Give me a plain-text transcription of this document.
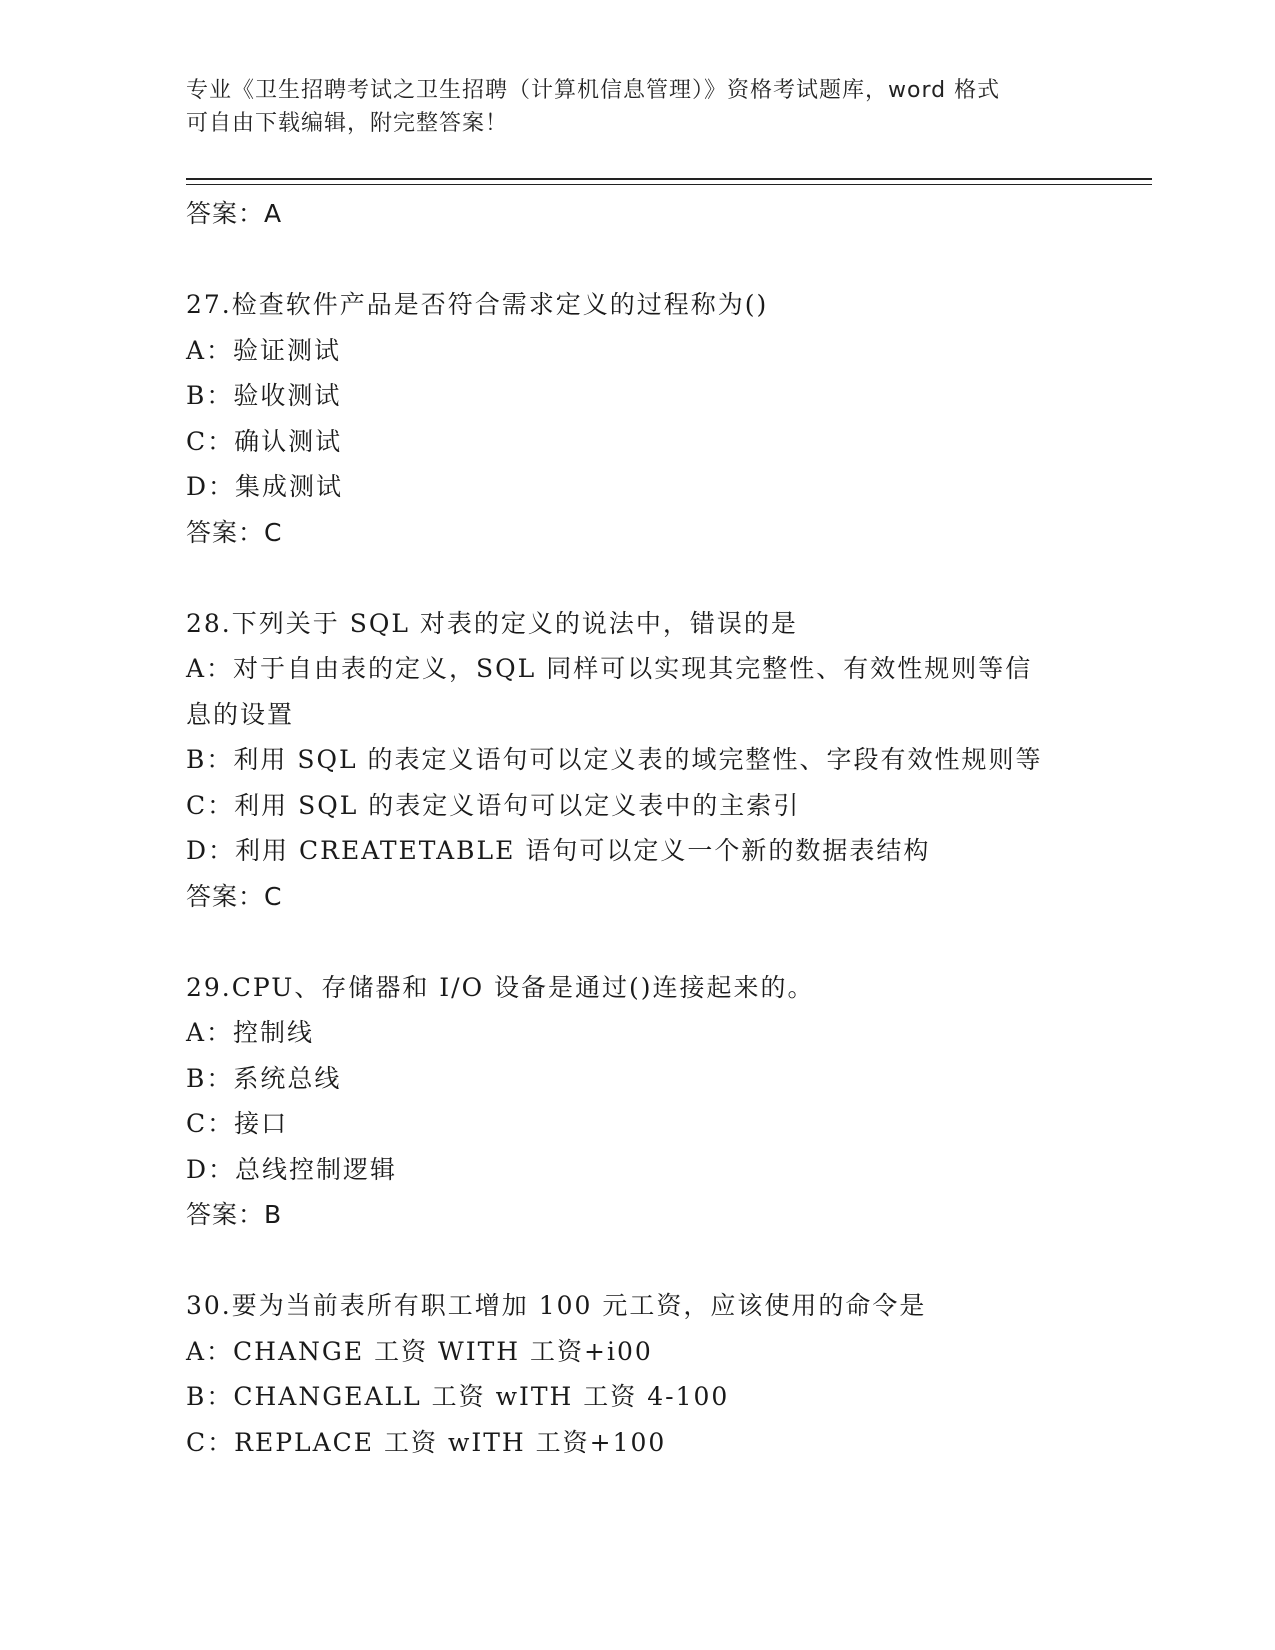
专业《卫生招聘考试之卫生招聘（计算机信息管理）》资格考试题库，word 格式
可自由下载编辑，附完整答案！
答案：A
27.检查软件产品是否符合需求定义的过程称为()
A：验证测试
B：验收测试
C：确认测试
D：集成测试
答案：C
28.下列关于 SQL 对表的定义的说法中，错误的是
A：对于自由表的定义，SQL 同样可以实现其完整性、有效性规则等信
息的设置
B：利用 SQL 的表定义语句可以定义表的域完整性、字段有效性规则等
C：利用 SQL 的表定义语句可以定义表中的主索引
D：利用 CREATETABLE 语句可以定义一个新的数据表结构
答案：C
29.CPU、存储器和 I/O 设备是通过()连接起来的。
A：控制线
B：系统总线
C：接口
D：总线控制逻辑
答案：B
30.要为当前表所有职工增加 100 元工资，应该使用的命令是
A：CHANGE 工资 WITH 工资+i00
B：CHANGEALL 工资 wITH 工资 4-100
C：REPLACE 工资 wITH 工资+100
